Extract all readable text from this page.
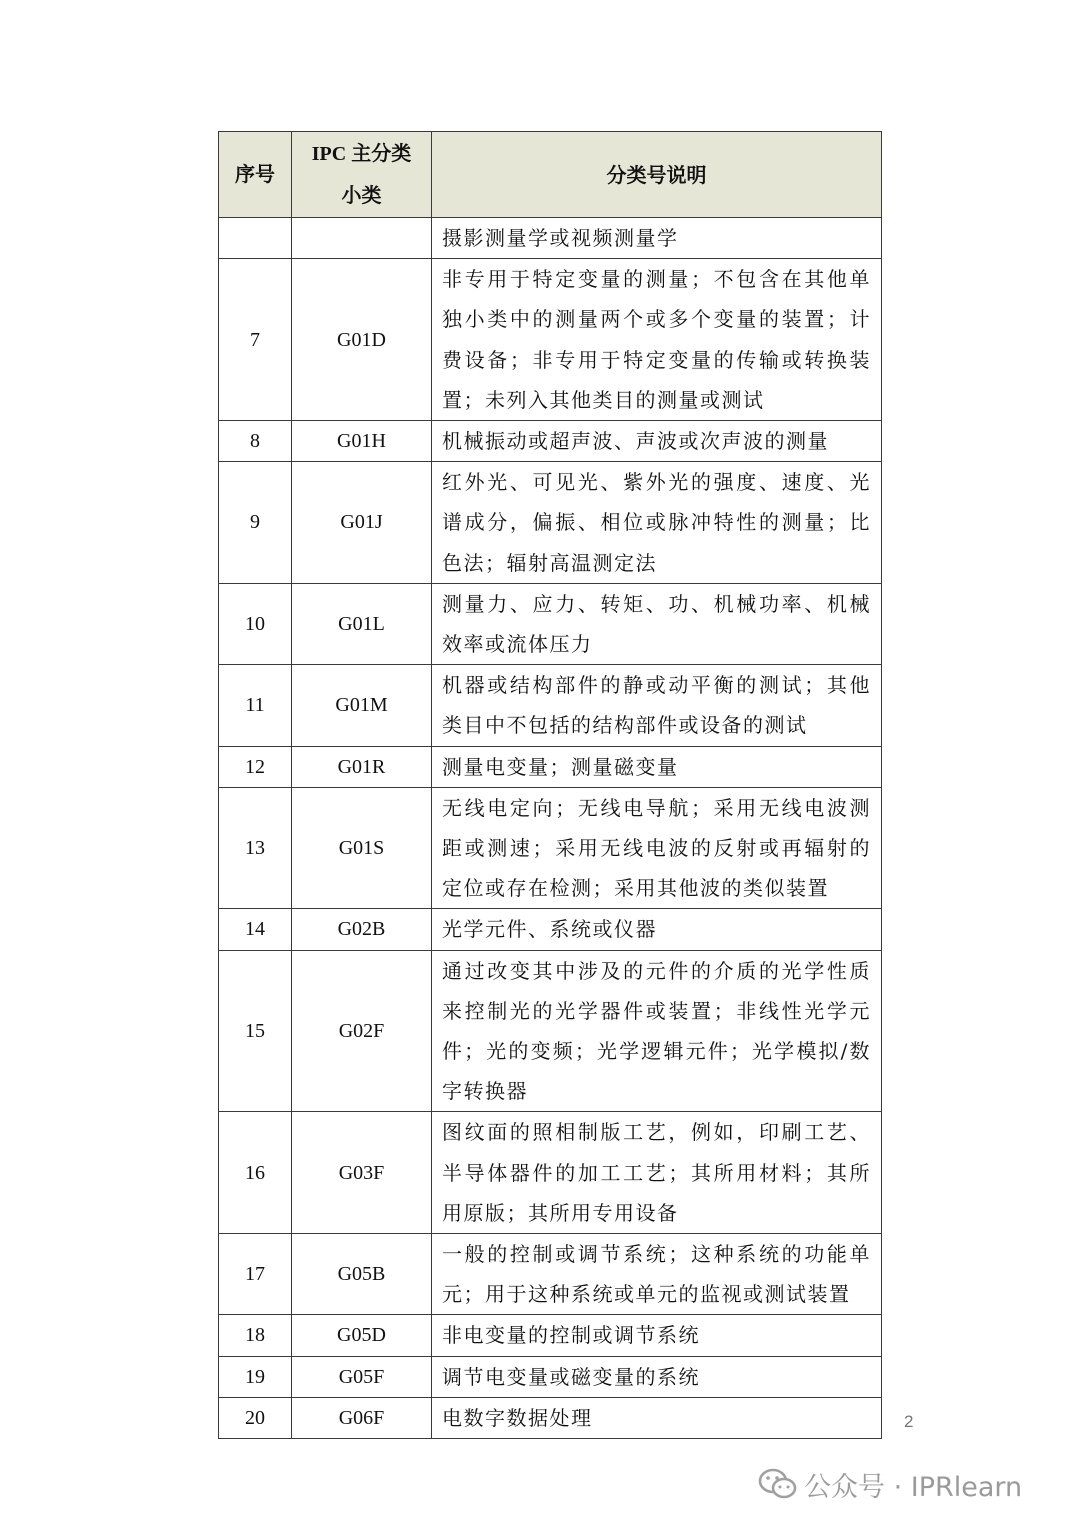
序号	IPC 主分类小类	分类号说明
		摄影测量学或视频测量学
7	G01D	非专用于特定变量的测量；不包含在其他单独小类中的测量两个或多个变量的装置；计费设备；非专用于特定变量的传输或转换装置；未列入其他类目的测量或测试
8	G01H	机械振动或超声波、声波或次声波的测量
9	G01J	红外光、可见光、紫外光的强度、速度、光谱成分，偏振、相位或脉冲特性的测量；比色法；辐射高温测定法
10	G01L	测量力、应力、转矩、功、机械功率、机械效率或流体压力
11	G01M	机器或结构部件的静或动平衡的测试；其他类目中不包括的结构部件或设备的测试
12	G01R	测量电变量；测量磁变量
13	G01S	无线电定向；无线电导航；采用无线电波测距或测速；采用无线电波的反射或再辐射的定位或存在检测；采用其他波的类似装置
14	G02B	光学元件、系统或仪器
15	G02F	通过改变其中涉及的元件的介质的光学性质来控制光的光学器件或装置；非线性光学元件；光的变频；光学逻辑元件；光学模拟/数字转换器
16	G03F	图纹面的照相制版工艺，例如，印刷工艺、半导体器件的加工工艺；其所用材料；其所用原版；其所用专用设备
17	G05B	一般的控制或调节系统；这种系统的功能单元；用于这种系统或单元的监视或测试装置
18	G05D	非电变量的控制或调节系统
19	G05F	调节电变量或磁变量的系统
20	G06F	电数字数据处理	2
公众号 · IPRlearn
